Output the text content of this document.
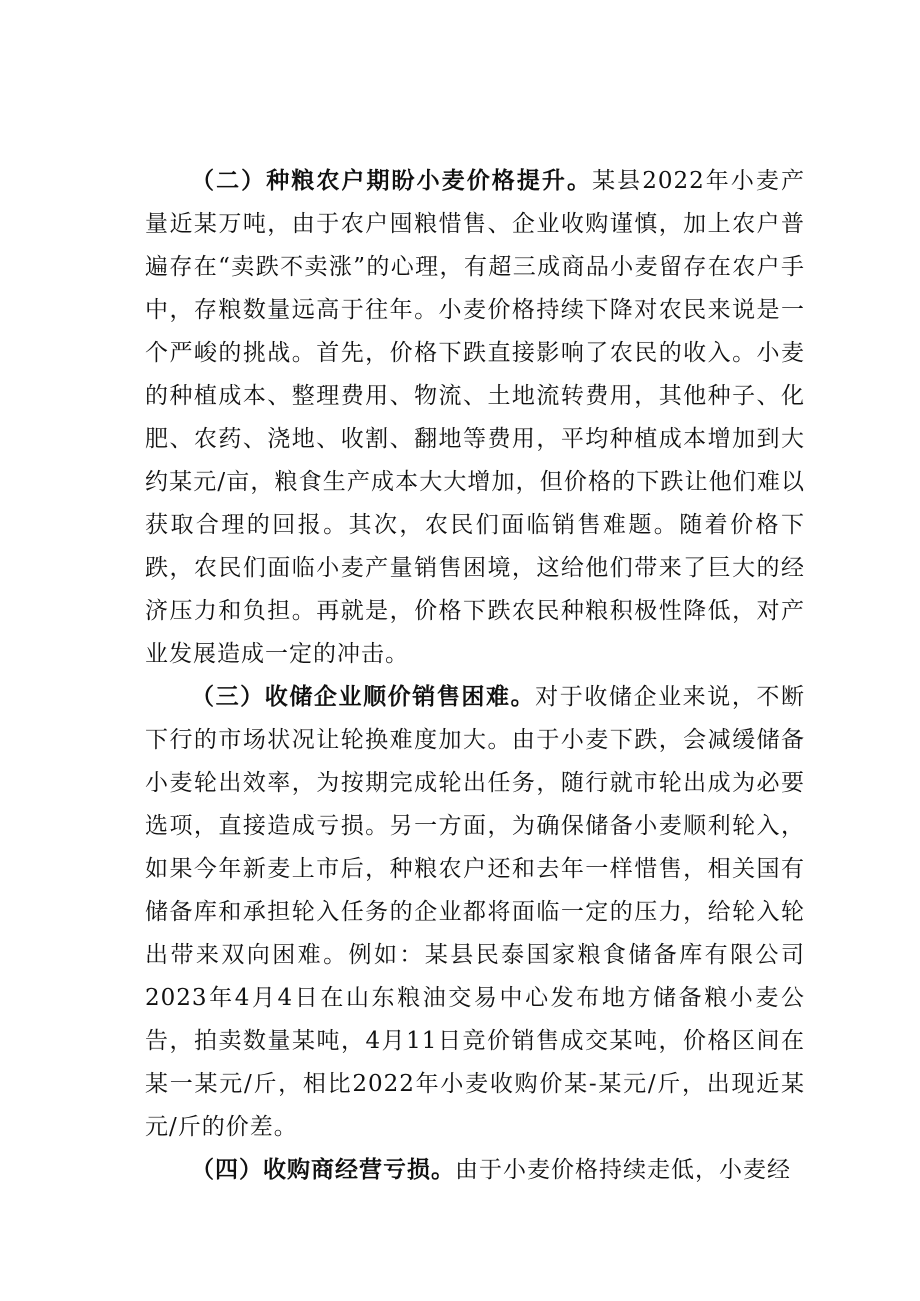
（二）种粮农户期盼小麦价格提升。某县2022年小麦产量近某万吨，由于农户囤粮惜售、企业收购谨慎，加上农户普遍存在“卖跌不卖涨”的心理，有超三成商品小麦留存在农户手中，存粮数量远高于往年。小麦价格持续下降对农民来说是一个严峻的挑战。首先，价格下跌直接影响了农民的收入。小麦的种植成本、整理费用、物流、土地流转费用，其他种子、化肥、农药、浇地、收割、翻地等费用，平均种植成本增加到大约某元/亩，粮食生产成本大大增加，但价格的下跌让他们难以获取合理的回报。其次，农民们面临销售难题。随着价格下跌，农民们面临小麦产量销售困境，这给他们带来了巨大的经济压力和负担。再就是，价格下跌农民种粮积极性降低，对产业发展造成一定的冲击。

（三）收储企业顺价销售困难。对于收储企业来说，不断下行的市场状况让轮换难度加大。由于小麦下跌，会减缓储备小麦轮出效率，为按期完成轮出任务，随行就市轮出成为必要选项，直接造成亏损。另一方面，为确保储备小麦顺利轮入，如果今年新麦上市后，种粮农户还和去年一样惜售，相关国有储备库和承担轮入任务的企业都将面临一定的压力，给轮入轮出带来双向困难。例如：某县民泰国家粮食储备库有限公司2023年4月4日在山东粮油交易中心发布地方储备粮小麦公告，拍卖数量某吨，4月11日竞价销售成交某吨，价格区间在某一某元/斤，相比2022年小麦收购价某-某元/斤，出现近某元/斤的价差。

（四）收购商经营亏损。由于小麦价格持续走低，小麦经
